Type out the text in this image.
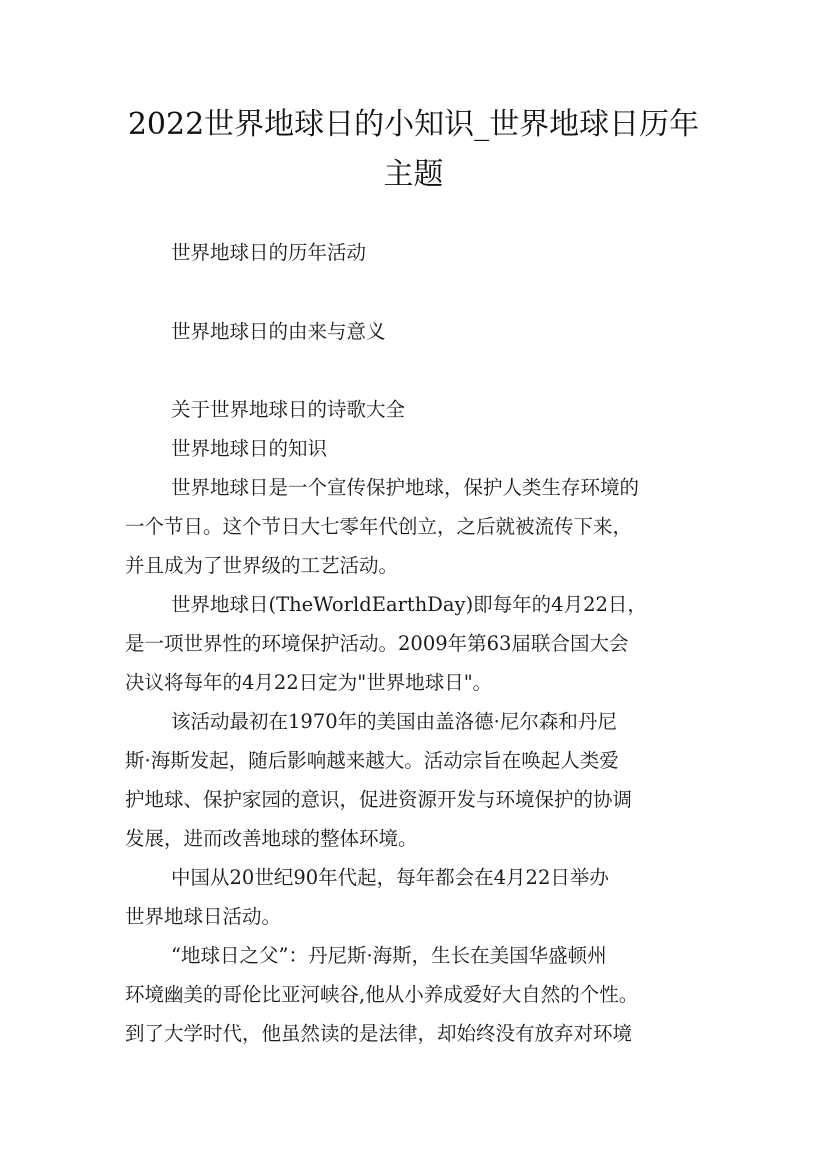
2022世界地球日的小知识_世界地球日历年
主题
世界地球日的历年活动
世界地球日的由来与意义
关于世界地球日的诗歌大全
世界地球日的知识
世界地球日是一个宣传保护地球，保护人类生存环境的
一个节日。这个节日大七零年代创立，之后就被流传下来，
并且成为了世界级的工艺活动。
世界地球日(TheWorldEarthDay)即每年的4月22日，
是一项世界性的环境保护活动。2009年第63届联合国大会
决议将每年的4月22日定为"世界地球日"。
该活动最初在1970年的美国由盖洛德·尼尔森和丹尼
斯·海斯发起，随后影响越来越大。活动宗旨在唤起人类爱
护地球、保护家园的意识，促进资源开发与环境保护的协调
发展，进而改善地球的整体环境。
中国从20世纪90年代起，每年都会在4月22日举办
世界地球日活动。
“地球日之父”：丹尼斯·海斯，生长在美国华盛顿州
环境幽美的哥伦比亚河峡谷,他从小养成爱好大自然的个性。
到了大学时代，他虽然读的是法律，却始终没有放弃对环境
